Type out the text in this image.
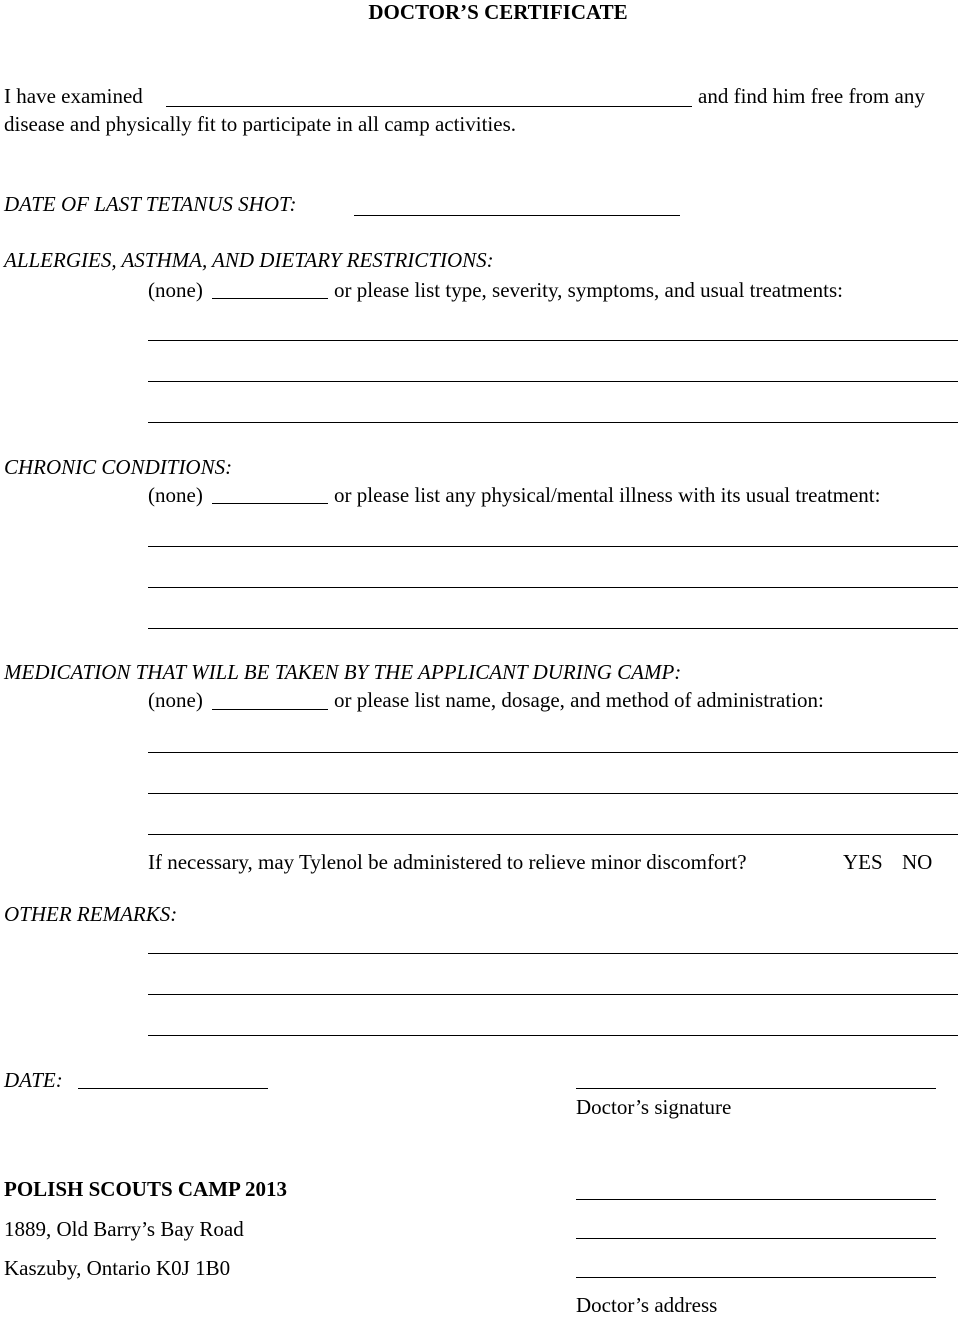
DOCTOR’S CERTIFICATE
I have examined	and find him free from any
disease and physically fit to participate in all camp activities.
DATE OF LAST TETANUS SHOT:
ALLERGIES, ASTHMA, AND DIETARY RESTRICTIONS:
(none)	or please list type, severity, symptoms, and usual treatments:
CHRONIC CONDITIONS:
(none)	or please list any physical/mental illness with its usual treatment:
MEDICATION THAT WILL BE TAKEN BY THE APPLICANT DURING CAMP:
(none)	or please list name, dosage, and method of administration:
If necessary, may Tylenol be administered to relieve minor discomfort?	YES NO
OTHER REMARKS:
DATE:
Doctor’s signature
POLISH SCOUTS CAMP 2013
1889, Old Barry’s Bay Road
Kaszuby, Ontario K0J 1B0
Doctor’s address
